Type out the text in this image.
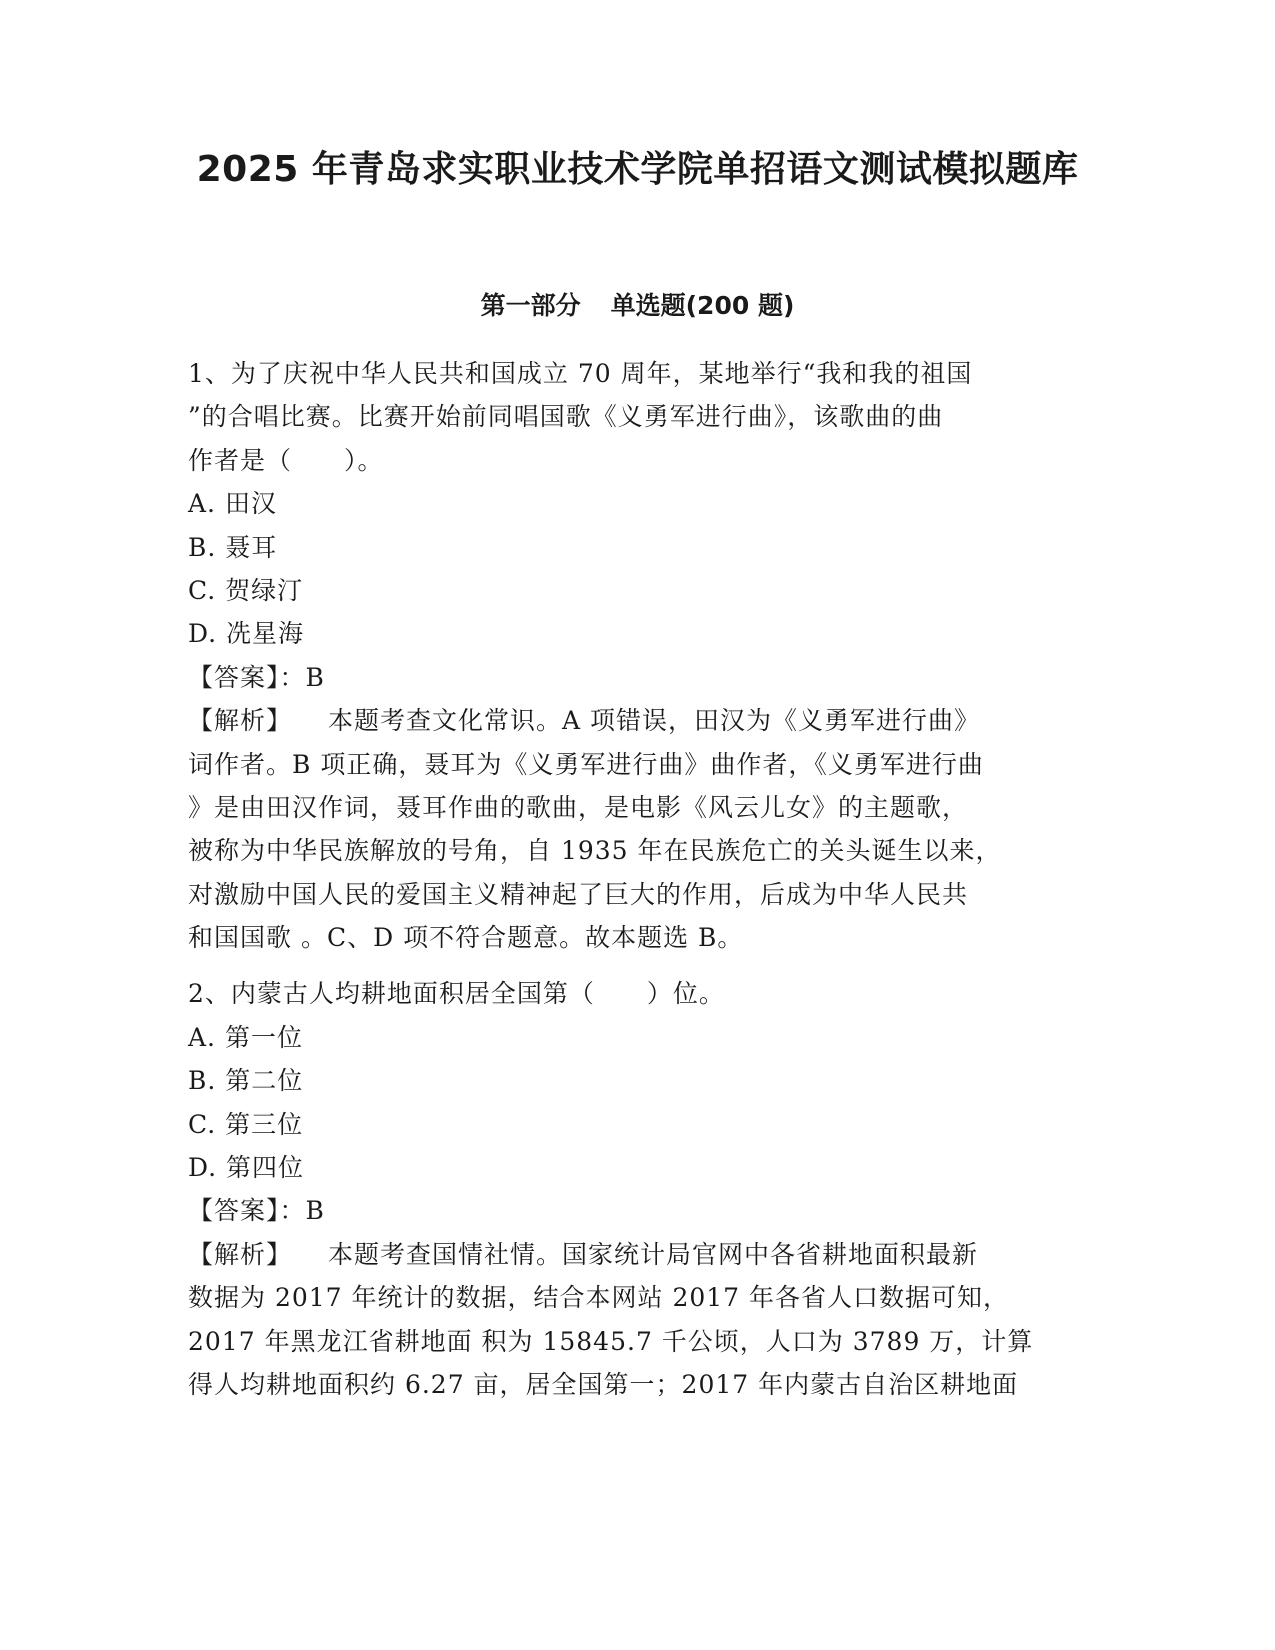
2025 年青岛求实职业技术学院单招语文测试模拟题库
第一部分 单选题(200 题)
1、为了庆祝中华人民共和国成立 70 周年，某地举行“我和我的祖国
”的合唱比赛。比赛开始前同唱国歌《义勇军进行曲》，该歌曲的曲
作者是（　　）。
A. 田汉
B. 聂耳
C. 贺绿汀
D. 冼星海
【答案】：B
【解析】 本题考查文化常识。A 项错误，田汉为《义勇军进行曲》
词作者。B 项正确，聂耳为《义勇军进行曲》曲作者，《义勇军进行曲
》是由田汉作词，聂耳作曲的歌曲，是电影《风云儿女》的主题歌，
被称为中华民族解放的号角，自 1935 年在民族危亡的关头诞生以来，
对激励中国人民的爱国主义精神起了巨大的作用，后成为中华人民共
和国国歌 。C、D 项不符合题意。故本题选 B。
2、内蒙古人均耕地面积居全国第（　　）位。
A. 第一位
B. 第二位
C. 第三位
D. 第四位
【答案】：B
【解析】 本题考查国情社情。国家统计局官网中各省耕地面积最新
数据为 2017 年统计的数据，结合本网站 2017 年各省人口数据可知，
2017 年黑龙江省耕地面 积为 15845.7 千公顷，人口为 3789 万，计算
得人均耕地面积约 6.27 亩，居全国第一；2017 年内蒙古自治区耕地面
